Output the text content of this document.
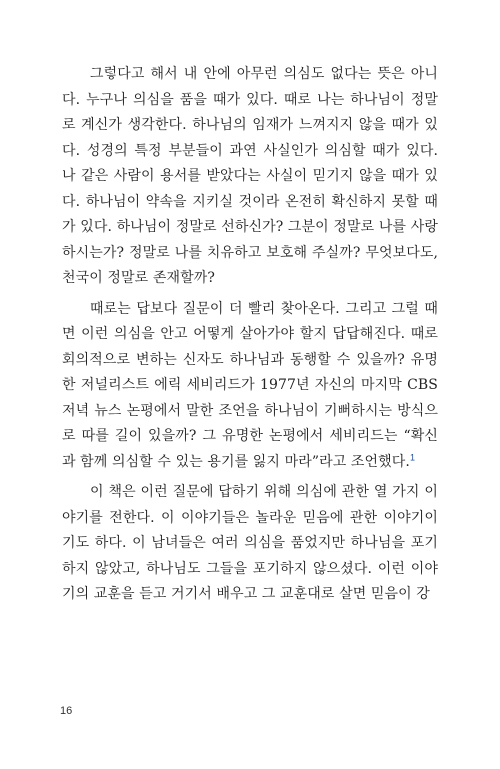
그렇다고 해서 내 안에 아무런 의심도 없다는 뜻은 아니다. 누구나 의심을 품을 때가 있다. 때로 나는 하나님이 정말로 계신가 생각한다. 하나님의 임재가 느껴지지 않을 때가 있다. 성경의 특정 부분들이 과연 사실인가 의심할 때가 있다. 나 같은 사람이 용서를 받았다는 사실이 믿기지 않을 때가 있다. 하나님이 약속을 지키실 것이라 온전히 확신하지 못할 때가 있다. 하나님이 정말로 선하신가? 그분이 정말로 나를 사랑하시는가? 정말로 나를 치유하고 보호해 주실까? 무엇보다도, 천국이 정말로 존재할까?

때로는 답보다 질문이 더 빨리 찾아온다. 그리고 그럴 때면 이런 의심을 안고 어떻게 살아가야 할지 답답해진다. 때로 회의적으로 변하는 신자도 하나님과 동행할 수 있을까? 유명한 저널리스트 에릭 세비리드가 1977년 자신의 마지막 CBS 저녁 뉴스 논평에서 말한 조언을 하나님이 기뻐하시는 방식으로 따를 길이 있을까? 그 유명한 논평에서 세비리드는 “확신과 함께 의심할 수 있는 용기를 잃지 마라”라고 조언했다.$^1$

이 책은 이런 질문에 답하기 위해 의심에 관한 열 가지 이야기를 전한다. 이 이야기들은 놀라운 믿음에 관한 이야기이기도 하다. 이 남녀들은 여러 의심을 품었지만 하나님을 포기하지 않았고, 하나님도 그들을 포기하지 않으셨다. 이런 이야기의 교훈을 듣고 거기서 배우고 그 교훈대로 살면 믿음이 강

16
